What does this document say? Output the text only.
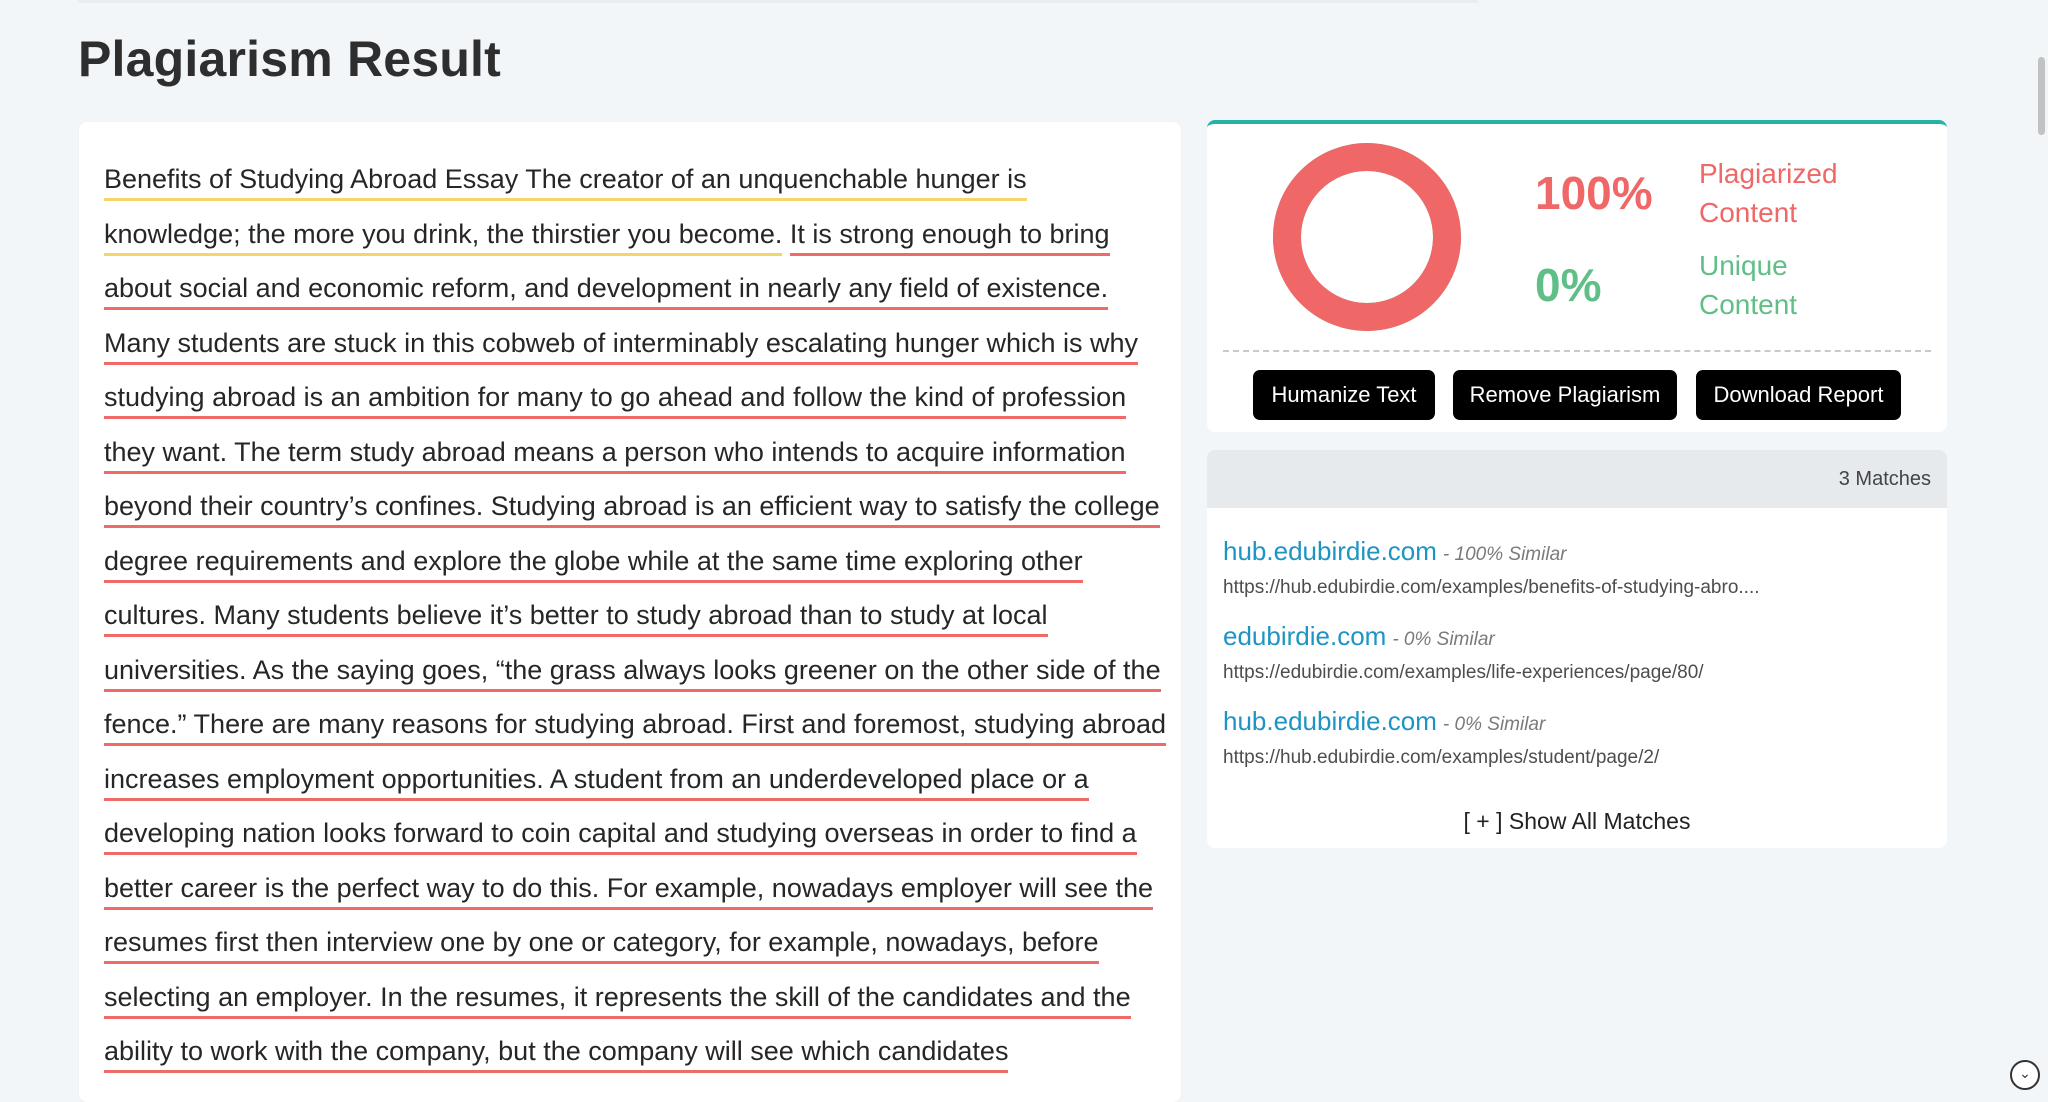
Plagiarism Result

Benefits of Studying Abroad Essay The creator of an unquenchable hunger is knowledge; the more you drink, the thirstier you become. It is strong enough to bring about social and economic reform, and development in nearly any field of existence. Many students are stuck in this cobweb of interminably escalating hunger which is why studying abroad is an ambition for many to go ahead and follow the kind of profession they want. The term study abroad means a person who intends to acquire information beyond their country’s confines. Studying abroad is an efficient way to satisfy the college degree requirements and explore the globe while at the same time exploring other cultures. Many students believe it’s better to study abroad than to study at local universities. As the saying goes, “the grass always looks greener on the other side of the fence.” There are many reasons for studying abroad. First and foremost, studying abroad increases employment opportunities. A student from an underdeveloped place or a developing nation looks forward to coin capital and studying overseas in order to find a better career is the perfect way to do this. For example, nowadays employer will see the resumes first then interview one by one or category, for example, nowadays, before selecting an employer. In the resumes, it represents the skill of the candidates and the ability to work with the company, but the company will see which candidates

100% Plagiarized Content
0%	Unique Content
Humanize Text	Remove Plagiarism	Download Report
3 Matches
hub.edubirdie.com - 100% Similar
https://hub.edubirdie.com/examples/benefits-of-studying-abro....
edubirdie.com - 0% Similar
https://edubirdie.com/examples/life-experiences/page/80/
hub.edubirdie.com - 0% Similar
https://hub.edubirdie.com/examples/student/page/2/
[ + ] Show All Matches
⌄
